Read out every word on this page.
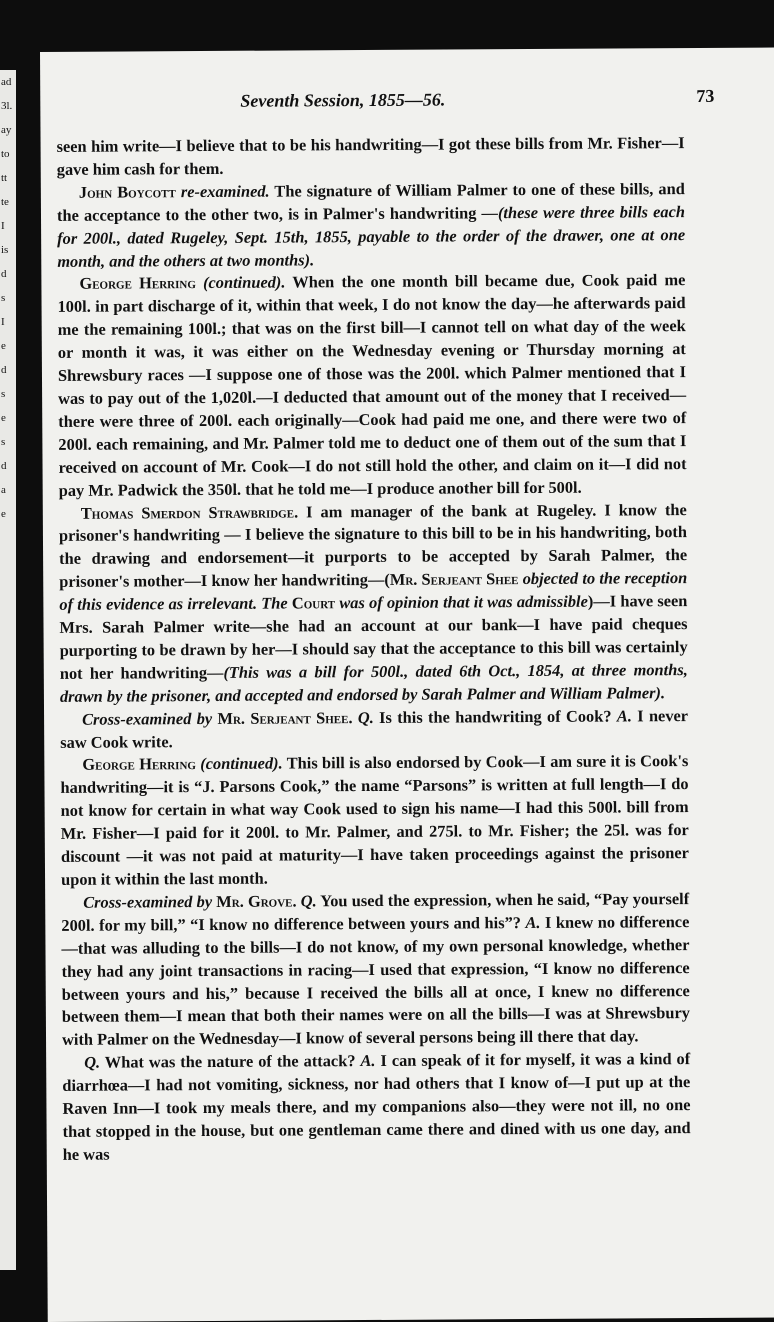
ad
3l.
ay
to
tt
te
I
is
d
s
I
e
d
s
e
s
d
a
e
Seventh Session, 1855—56.	73

seen him write—I believe that to be his handwriting—I got these bills from Mr. Fisher—I gave him cash for them.

John Boycott re-examined. The signature of William Palmer to one of these bills, and the acceptance to the other two, is in Palmer's handwriting —(these were three bills each for 200l., dated Rugeley, Sept. 15th, 1855, payable to the order of the drawer, one at one month, and the others at two months).

George Herring (continued). When the one month bill became due, Cook paid me 100l. in part discharge of it, within that week, I do not know the day—he afterwards paid me the remaining 100l.; that was on the first bill—I cannot tell on what day of the week or month it was, it was either on the Wednesday evening or Thursday morning at Shrewsbury races —I suppose one of those was the 200l. which Palmer mentioned that I was to pay out of the 1,020l.—I deducted that amount out of the money that I received—there were three of 200l. each originally—Cook had paid me one, and there were two of 200l. each remaining, and Mr. Palmer told me to deduct one of them out of the sum that I received on account of Mr. Cook—I do not still hold the other, and claim on it—I did not pay Mr. Padwick the 350l. that he told me—I produce another bill for 500l.

Thomas Smerdon Strawbridge. I am manager of the bank at Rugeley. I know the prisoner's handwriting — I believe the signature to this bill to be in his handwriting, both the drawing and endorsement—it purports to be accepted by Sarah Palmer, the prisoner's mother—I know her handwriting—(Mr. Serjeant Shee objected to the reception of this evidence as irrelevant. The Court was of opinion that it was admissible)—I have seen Mrs. Sarah Palmer write—she had an account at our bank—I have paid cheques purporting to be drawn by her—I should say that the acceptance to this bill was certainly not her handwriting—(This was a bill for 500l., dated 6th Oct., 1854, at three months, drawn by the prisoner, and accepted and endorsed by Sarah Palmer and William Palmer).

Cross-examined by Mr. Serjeant Shee. Q. Is this the handwriting of Cook? A. I never saw Cook write.

George Herring (continued). This bill is also endorsed by Cook—I am sure it is Cook's handwriting—it is “J. Parsons Cook,” the name “Parsons” is written at full length—I do not know for certain in what way Cook used to sign his name—I had this 500l. bill from Mr. Fisher—I paid for it 200l. to Mr. Palmer, and 275l. to Mr. Fisher; the 25l. was for discount —it was not paid at maturity—I have taken proceedings against the prisoner upon it within the last month.

Cross-examined by Mr. Grove. Q. You used the expression, when he said, “Pay yourself 200l. for my bill,” “I know no difference between yours and his”? A. I knew no difference—that was alluding to the bills—I do not know, of my own personal knowledge, whether they had any joint transactions in racing—I used that expression, “I know no difference between yours and his,” because I received the bills all at once, I knew no difference between them—I mean that both their names were on all the bills—I was at Shrewsbury with Palmer on the Wednesday—I know of several persons being ill there that day.

Q. What was the nature of the attack? A. I can speak of it for myself, it was a kind of diarrhœa—I had not vomiting, sickness, nor had others that I know of—I put up at the Raven Inn—I took my meals there, and my companions also—they were not ill, no one that stopped in the house, but one gentleman came there and dined with us one day, and he was
